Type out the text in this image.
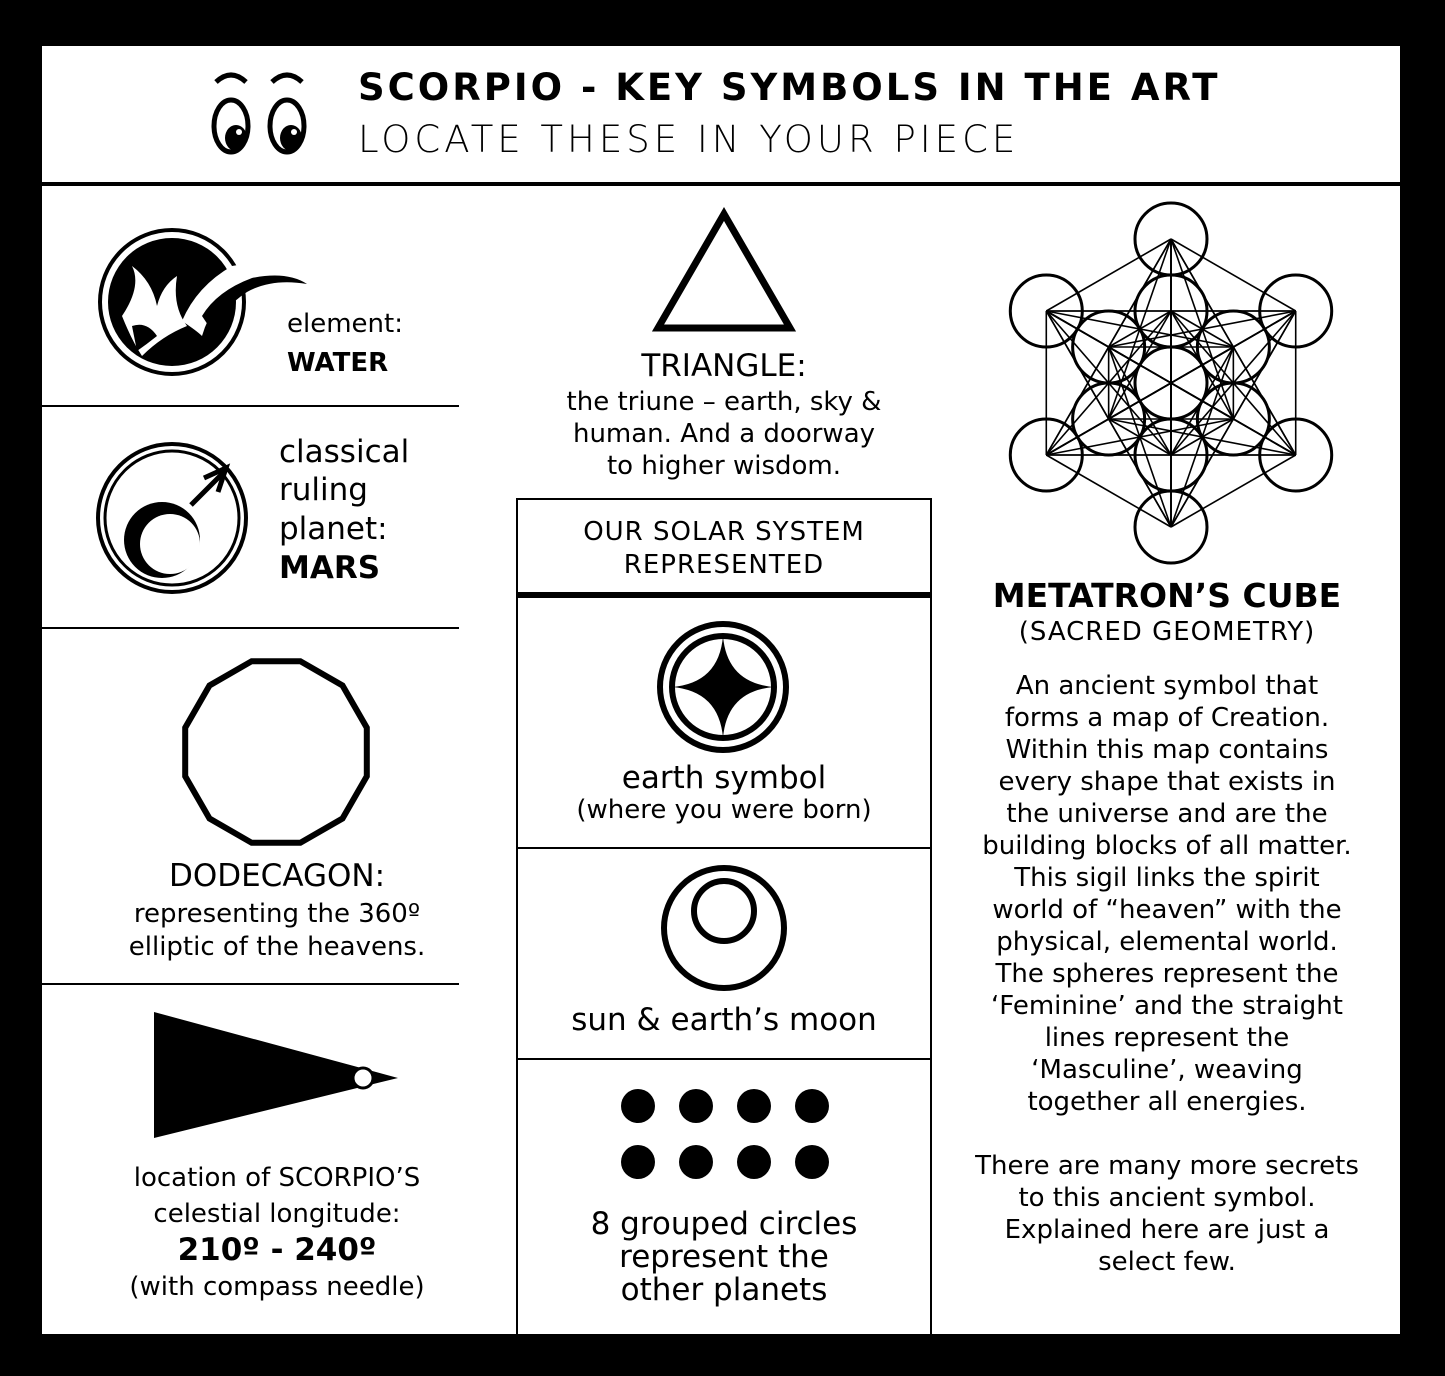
SCORPIO - KEY SYMBOLS IN THE ART
LOCATE THESE IN YOUR PIECE
element:
WATER
classical
ruling
planet:
MARS
DODECAGON:
representing the 360º
elliptic of the heavens.
location of SCORPIO’S
celestial longitude:
210º - 240º
(with compass needle)
TRIANGLE:
the triune – earth, sky &
human. And a doorway
to higher wisdom.
OUR SOLAR SYSTEM
REPRESENTED
earth symbol
(where you were born)
sun & earth’s moon
8 grouped circles
represent the
other planets
METATRON’S CUBE
(SACRED GEOMETRY)
An ancient symbol that
forms a map of Creation.
Within this map contains
every shape that exists in
the universe and are the
building blocks of all matter.
This sigil links the spirit
world of “heaven” with the
physical, elemental world.
The spheres represent the
‘Feminine’ and the straight
lines represent the
‘Masculine’, weaving
together all energies.
There are many more secrets
to this ancient symbol.
Explained here are just a
select few.
